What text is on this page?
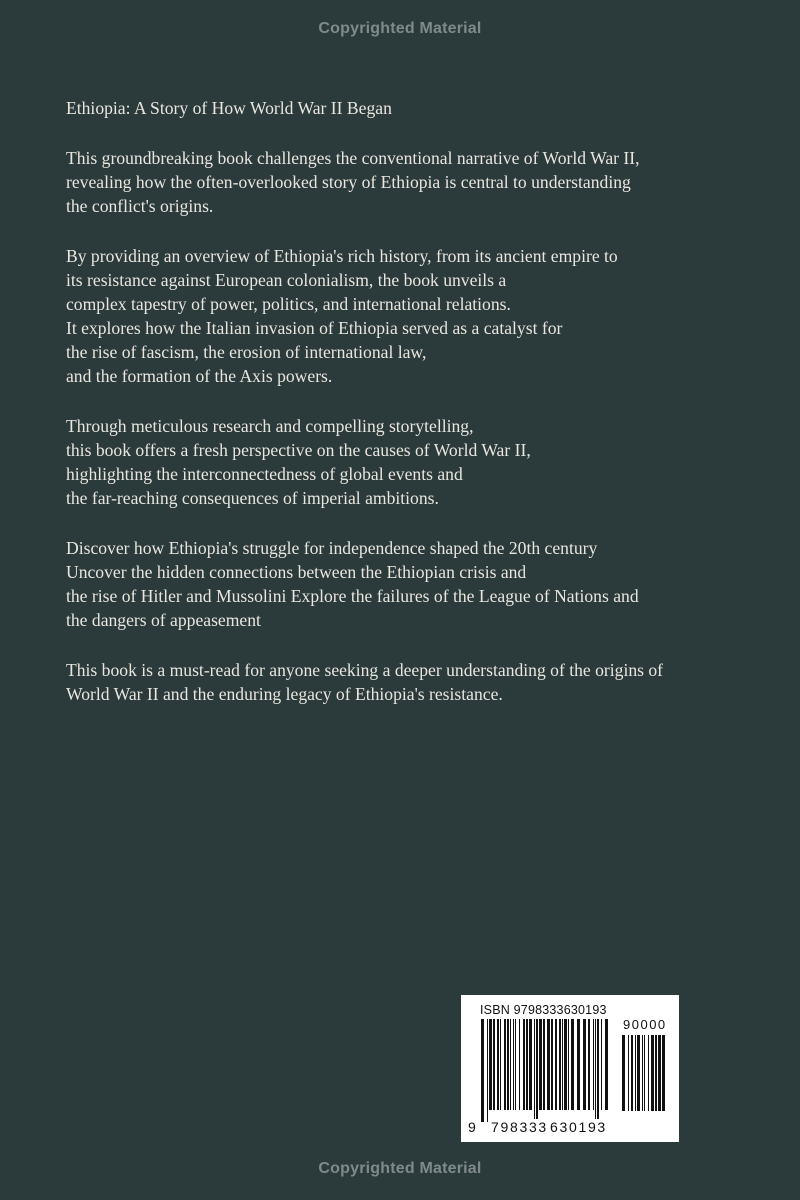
Copyrighted Material

Ethiopia: A Story of How World War II Began

This groundbreaking book challenges the conventional narrative of World War II,
revealing how the often-overlooked story of Ethiopia is central to understanding
the conflict's origins.

By providing an overview of Ethiopia's rich history, from its ancient empire to
its resistance against European colonialism, the book unveils a
complex tapestry of power, politics, and international relations.
It explores how the Italian invasion of Ethiopia served as a catalyst for
the rise of fascism, the erosion of international law,
and the formation of the Axis powers.

Through meticulous research and compelling storytelling,
this book offers a fresh perspective on the causes of World War II,
highlighting the interconnectedness of global events and
the far-reaching consequences of imperial ambitions.

Discover how Ethiopia's struggle for independence shaped the 20th century
Uncover the hidden connections between the Ethiopian crisis and
the rise of Hitler and Mussolini Explore the failures of the League of Nations and
the dangers of appeasement

This book is a must-read for anyone seeking a deeper understanding of the origins of
World War II and the enduring legacy of Ethiopia's resistance.

ISBN 9798333630193
90000
9 798333 630193
Copyrighted Material
